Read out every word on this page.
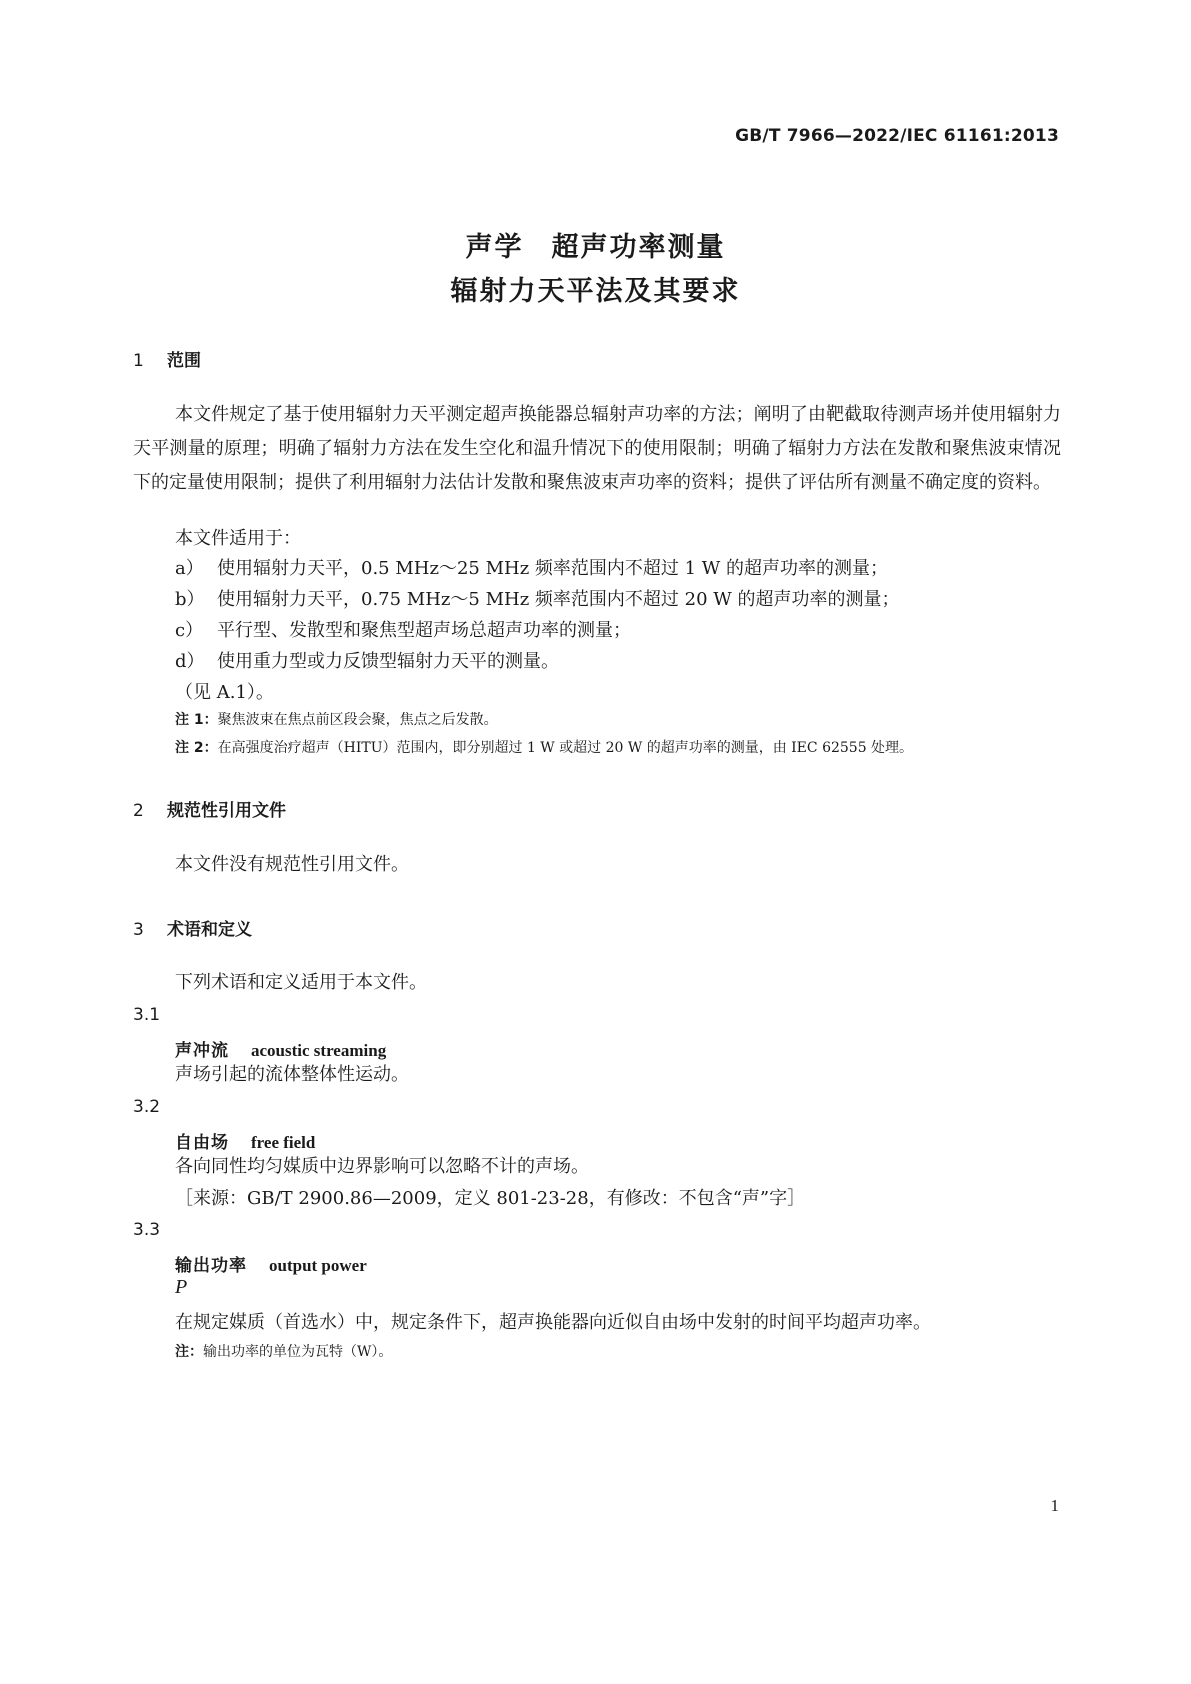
GB/T 7966—2022/IEC 61161:2013
声学 超声功率测量
辐射力天平法及其要求
1 范围
本文件规定了基于使用辐射力天平测定超声换能器总辐射声功率的方法；阐明了由靶截取待测声场并使用辐射力天平测量的原理；明确了辐射力方法在发生空化和温升情况下的使用限制；明确了辐射力方法在发散和聚焦波束情况下的定量使用限制；提供了利用辐射力法估计发散和聚焦波束声功率的资料；提供了评估所有测量不确定度的资料。
本文件适用于：
a） 使用辐射力天平，0.5 MHz～25 MHz 频率范围内不超过 1 W 的超声功率的测量；
b） 使用辐射力天平，0.75 MHz～5 MHz 频率范围内不超过 20 W 的超声功率的测量；
c） 平行型、发散型和聚焦型超声场总超声功率的测量；
d） 使用重力型或力反馈型辐射力天平的测量。
（见 A.1）。
注 1：聚焦波束在焦点前区段会聚，焦点之后发散。
注 2：在高强度治疗超声（HITU）范围内，即分别超过 1 W 或超过 20 W 的超声功率的测量，由 IEC 62555 处理。
2 规范性引用文件
本文件没有规范性引用文件。
3 术语和定义
下列术语和定义适用于本文件。
3.1
声冲流 acoustic streaming
声场引起的流体整体性运动。
3.2
自由场 free field
各向同性均匀媒质中边界影响可以忽略不计的声场。
［来源：GB/T 2900.86—2009，定义 801-23-28，有修改：不包含“声”字］
3.3
输出功率 output power
P
在规定媒质（首选水）中，规定条件下，超声换能器向近似自由场中发射的时间平均超声功率。
注：输出功率的单位为瓦特（W）。
1
